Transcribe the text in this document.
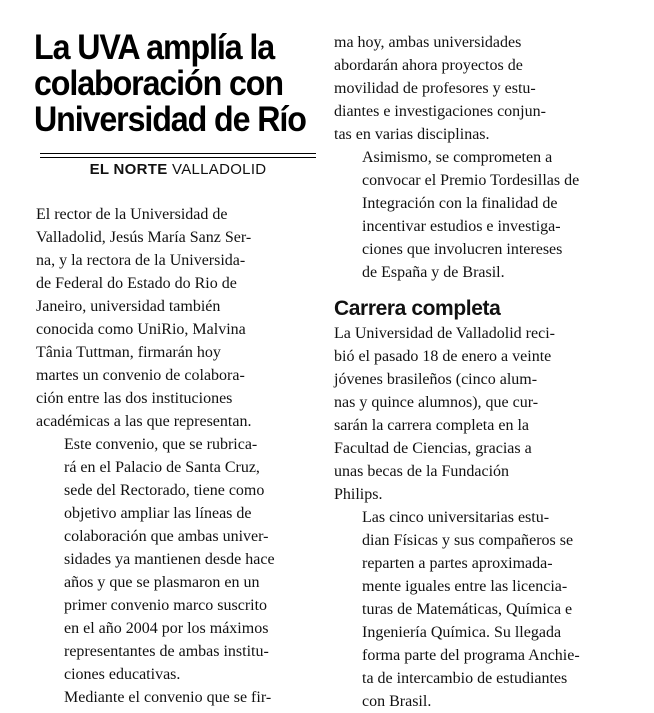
La UVA amplía la
colaboración con
Universidad de Río
EL NORTE VALLADOLID

El rector de la Universidad de
Valladolid, Jesús María Sanz Ser-
na, y la rectora de la Universida-
de Federal do Estado do Rio de
Janeiro, universidad también
conocida como UniRio, Malvina
Tânia Tuttman, firmarán hoy
martes un convenio de colabora-
ción entre las dos instituciones
académicas a las que representan.

Este convenio, que se rubrica-
rá en el Palacio de Santa Cruz,
sede del Rectorado, tiene como
objetivo ampliar las líneas de
colaboración que ambas univer-
sidades ya mantienen desde hace
años y que se plasmaron en un
primer convenio marco suscrito
en el año 2004 por los máximos
representantes de ambas institu-
ciones educativas.

Mediante el convenio que se fir-

ma hoy, ambas universidades
abordarán ahora proyectos de
movilidad de profesores y estu-
diantes e investigaciones conjun-
tas en varias disciplinas.

Asimismo, se comprometen a
convocar el Premio Tordesillas de
Integración con la finalidad de
incentivar estudios e investiga-
ciones que involucren intereses
de España y de Brasil.

Carrera completa

La Universidad de Valladolid reci-
bió el pasado 18 de enero a veinte
jóvenes brasileños (cinco alum-
nas y quince alumnos), que cur-
sarán la carrera completa en la
Facultad de Ciencias, gracias a
unas becas de la Fundación
Philips.

Las cinco universitarias estu-
dian Físicas y sus compañeros se
reparten a partes aproximada-
mente iguales entre las licencia-
turas de Matemáticas, Química e
Ingeniería Química. Su llegada
forma parte del programa Anchie-
ta de intercambio de estudiantes
con Brasil.
